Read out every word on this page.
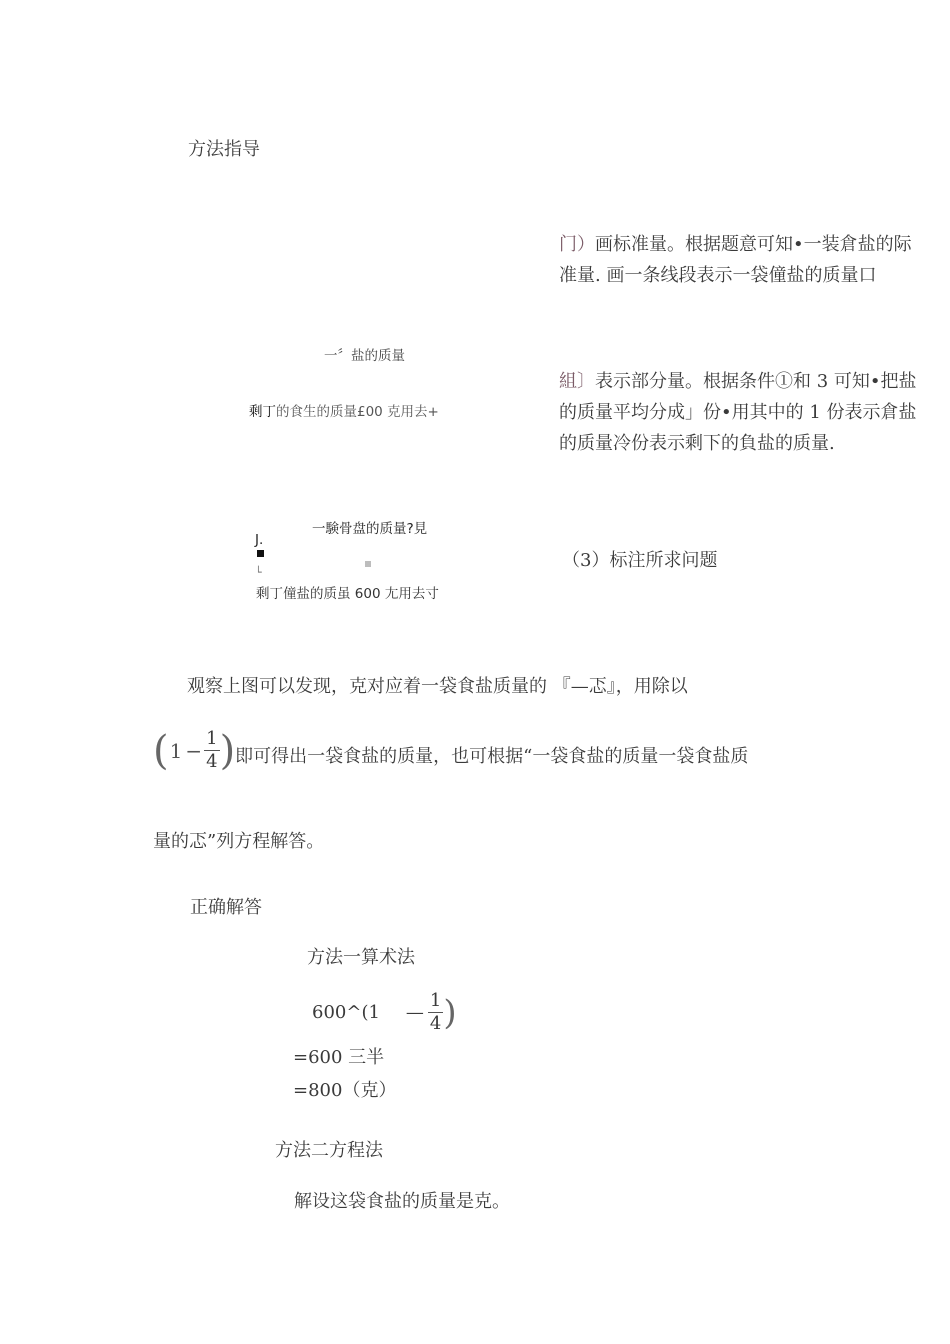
方法指导
门）画标准量。根据题意可知•一装倉盐的际
准量. 画一条线段表示一袋僮盐的质量口
組〕表示部分量。根据条件①和 3 可知•把盐
的质量平均分成」份•用其中的 1 份表示倉盐
的质量冷份表示剩下的負盐的质量.
（3）标注所求问题
一〞盐的质量
剩丁的食生的质量£00 克用去+
一験骨盘的质量?見
J.
└
剩丁僮盐的质虽 600 尢用去寸
观察上图可以发现，克对应着一袋食盐质量的 『—忑』，用除以
( $1 - \frac{1}{4}$ ) 即可得出一袋食盐的质量，也可根据“一袋食盐的质量一袋食盐质
量的忑”列方程解答。
正确解答
方法一算术法
600^(1 — $\frac{1}{4}$ )
=600 三半
=800（克）
方法二方程法
解设这袋食盐的质量是克。
